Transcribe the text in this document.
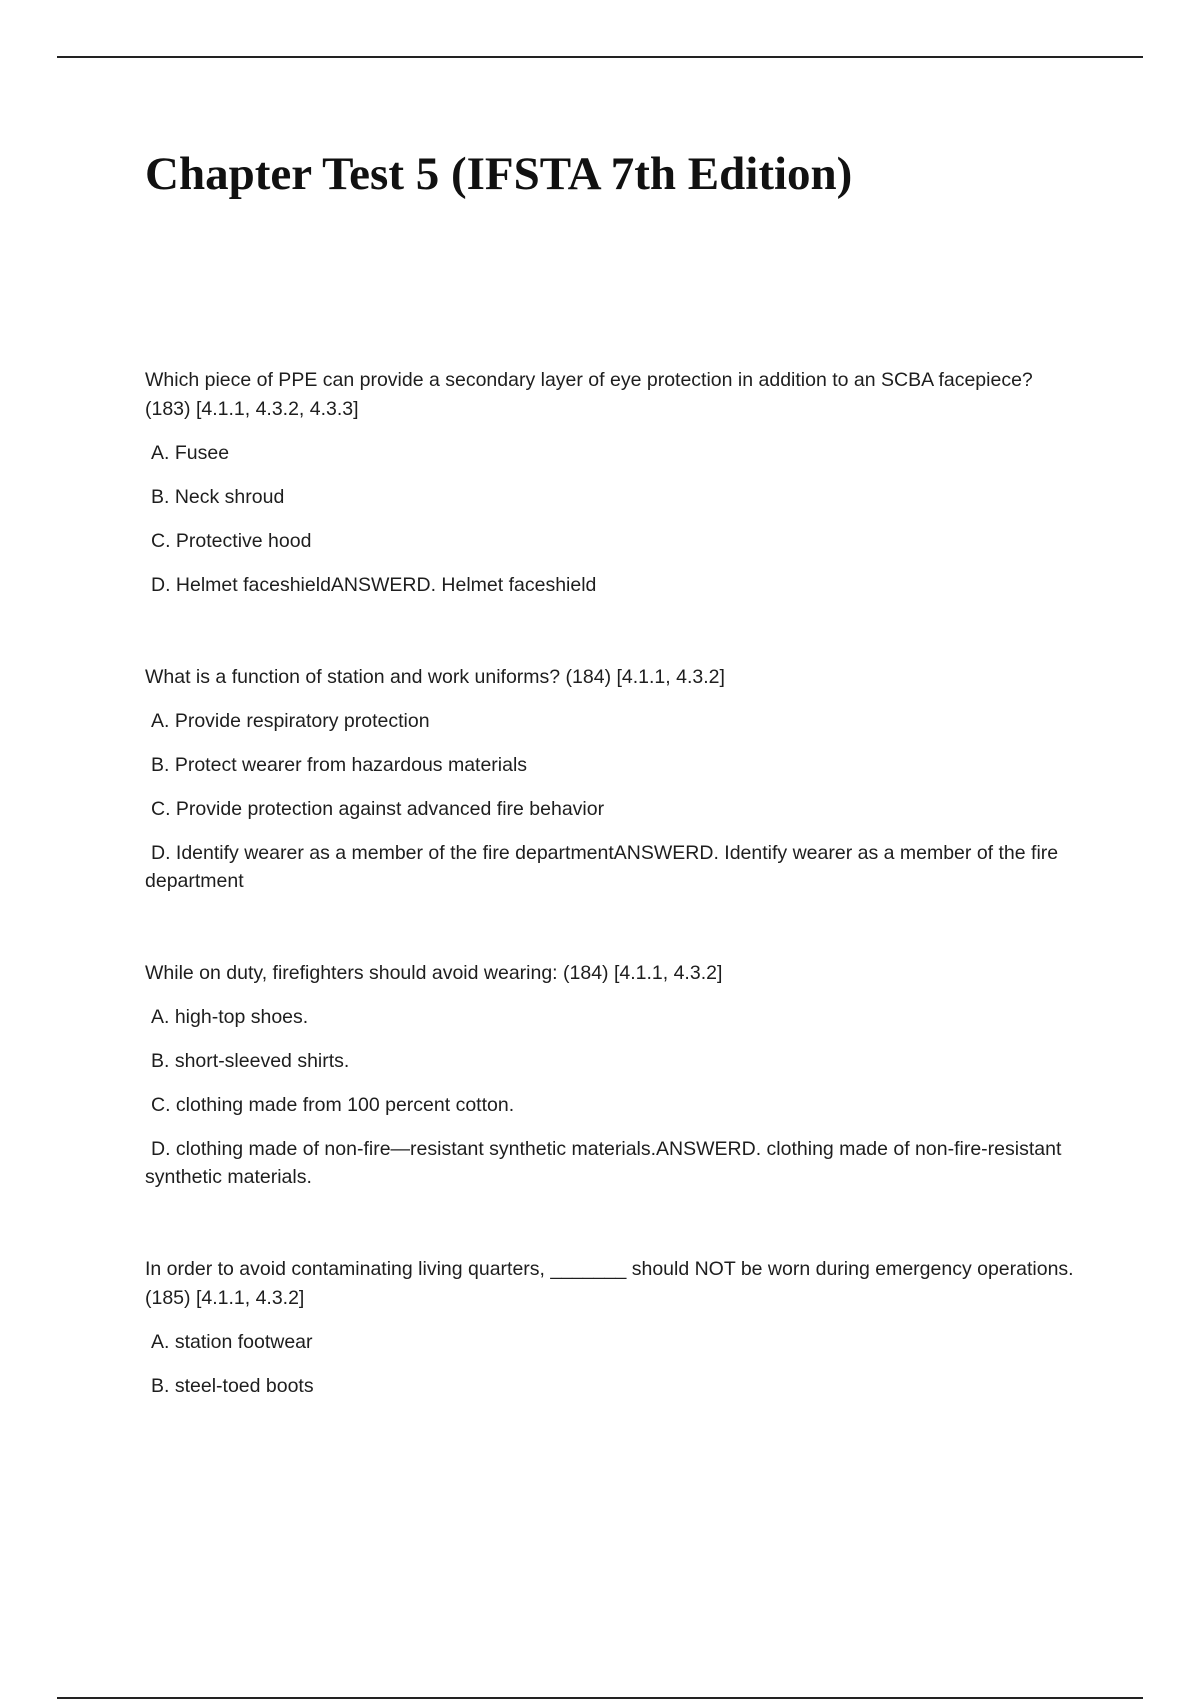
Chapter Test 5 (IFSTA 7th Edition)

Which piece of PPE can provide a secondary layer of eye protection in addition to an SCBA facepiece? (183) [4.1.1, 4.3.2, 4.3.3]

A. Fusee

B. Neck shroud

C. Protective hood

D. Helmet faceshieldANSWERD. Helmet faceshield

What is a function of station and work uniforms? (184) [4.1.1, 4.3.2]

A. Provide respiratory protection

B. Protect wearer from hazardous materials

C. Provide protection against advanced fire behavior

D. Identify wearer as a member of the fire departmentANSWERD. Identify wearer as a member of the fire department

While on duty, firefighters should avoid wearing: (184) [4.1.1, 4.3.2]

A. high-top shoes.

B. short-sleeved shirts.

C. clothing made from 100 percent cotton.

D. clothing made of non-fire—resistant synthetic materials.ANSWERD. clothing made of non-fire-resistant synthetic materials.

In order to avoid contaminating living quarters, _______ should NOT be worn during emergency operations. (185) [4.1.1, 4.3.2]

A. station footwear

B. steel-toed boots
